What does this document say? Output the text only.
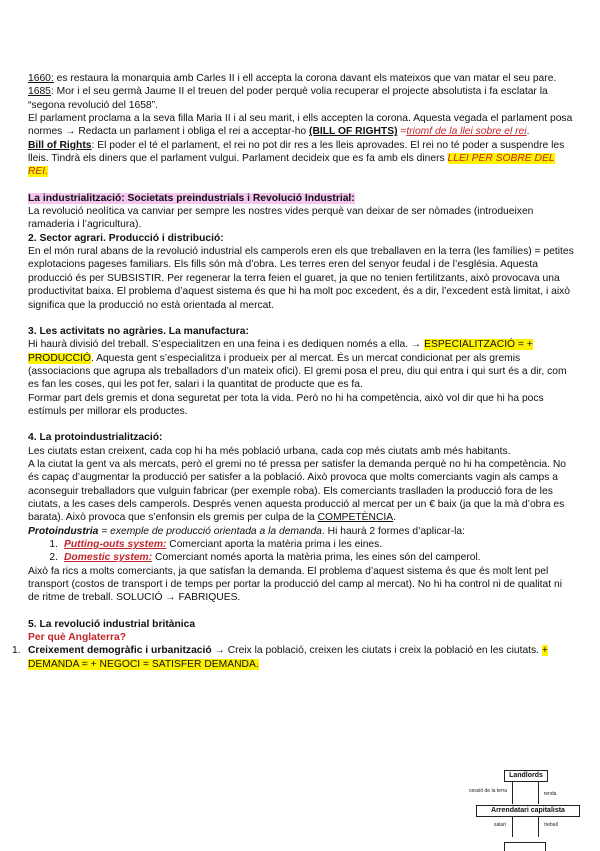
1660: es restaura la monarquia amb Carles II i ell accepta la corona davant els mateixos que van matar el seu pare.

1685: Mor i el seu germà Jaume II el treuen del poder perquè volia recuperar el projecte absolutista i fa esclatar la “segona revolució del 1658”.

El parlament proclama a la seva filla Maria II i al seu marit, i ells accepten la corona. Aquesta vegada el parlament posa normes → Redacta un parlament i obliga el rei a acceptar-ho (BILL OF RIGHTS) =triomf de la llei sobre el rei.

Bill of Rights: El poder el té el parlament, el rei no pot dir res a les lleis aprovades. El rei no té poder a suspendre les lleis. Tindrà els diners que el parlament vulgui. Parlament decideix que es fa amb els diners LLEI PER SOBRE DEL REI.

La industrialització: Societats preindustrials i Revolució Industrial:

La revolució neolítica va canviar per sempre les nostres vides perquè van deixar de ser nòmades (introdueixen ramaderia i l’agricultura).

2. Sector agrari. Producció i distribució:

En el món rural abans de la revolució industrial els camperols eren els que treballaven en la terra (les famílies) = petites explotacions pageses familiars. Els fills són mà d’obra. Les terres eren del senyor feudal i de l’església. Aquesta producció és per SUBSISTIR. Per regenerar la terra feien el guaret, ja que no tenien fertilitzants, això provocava una productivitat baixa. El problema d’aquest sistema és que hi ha molt poc excedent, és a dir, l’excedent està limitat, i això significa que la producció no està orientada al mercat.

3. Les activitats no agràries. La manufactura:

Hi haurà divisió del treball. S’especialitzen en una feina i es dediquen només a ella. → ESPECIALITZACIÓ = + PRODUCCIÓ. Aquesta gent s’especialitza i produeix per al mercat. És un mercat condicionat per als gremis (associacions que agrupa als treballadors d’un mateix ofici). El gremi posa el preu, diu qui entra i qui surt és a dir, com es fan les coses, qui les pot fer, salari i la quantitat de producte que es fa.

Formar part dels gremis et dona seguretat per tota la vida. Però no hi ha competència, això vol dir que hi ha pocs estímuls per millorar els productes.

4. La protoindustrialització:

Les ciutats estan creixent, cada cop hi ha més població urbana, cada cop més ciutats amb més habitants.

A la ciutat la gent va als mercats, però el gremi no té pressa per satisfer la demanda perquè no hi ha competència. No és capaç d’augmentar la producció per satisfer a la població. Això provoca que molts comerciants vagin als camps a aconseguir treballadors que vulguin fabricar (per exemple roba). Els comerciants traslladen la producció fora de les ciutats, a les cases dels camperols. Després venen aquesta producció al mercat per un € baix (ja que la mà d’obra es barata). Això provoca que s’enfonsin els gremis per culpa de la COMPETÈNCIA.

Protoindustria = exemple de producció orientada a la demanda. Hi haurà 2 formes d’aplicar-la:

1. Putting-outs system: Comerciant aporta la matèria prima i les eines.
2. Domestic system: Comerciant només aporta la matèria prima, les eines són del camperol.

Això fa rics a molts comerciants, ja que satisfan la demanda. El problema d’aquest sistema és que és molt lent pel transport (costos de transport i de temps per portar la producció del camp al mercat). No hi ha control ni de qualitat ni de ritme de treball. SOLUCIÓ → FABRIQUES.

5. La revolució industrial britànica

Per què Anglaterra?

1. Creixement demogràfic i urbanització → Creix la població, creixen les ciutats i creix la població en les ciutats. + DEMANDA = + NEGOCI = SATISFER DEMANDA.
Landlords
cessió de la terra	renda
Arrendatari capitalista
salari	treball
